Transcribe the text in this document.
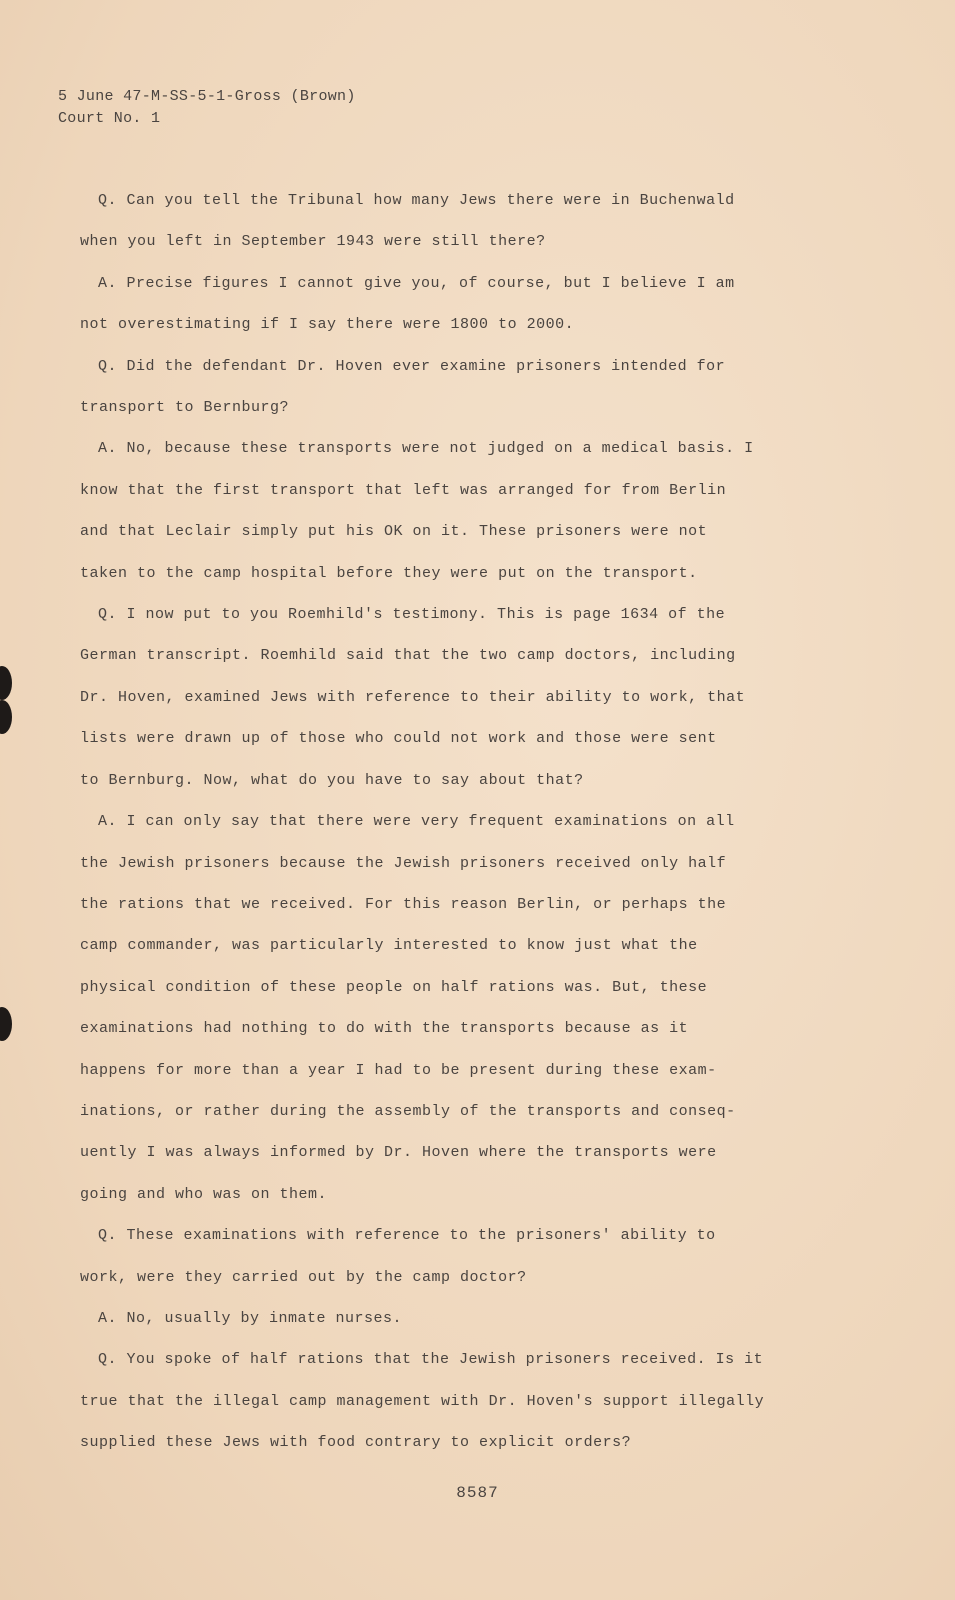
5 June 47-M-SS-5-1-Gross (Brown)
Court No. 1
Q. Can you tell the Tribunal how many Jews there were in Buchenwald
when you left in September 1943 were still there?
A. Precise figures I cannot give you, of course, but I believe I am
not overestimating if I say there were 1800 to 2000.
Q. Did the defendant Dr. Hoven ever examine prisoners intended for
transport to Bernburg?
A. No, because these transports were not judged on a medical basis. I
know that the first transport that left was arranged for from Berlin
and that Leclair simply put his OK on it. These prisoners were not
taken to the camp hospital before they were put on the transport.
Q. I now put to you Roemhild's testimony. This is page 1634 of the
German transcript. Roemhild said that the two camp doctors, including
Dr. Hoven, examined Jews with reference to their ability to work, that
lists were drawn up of those who could not work and those were sent
to Bernburg. Now, what do you have to say about that?
A. I can only say that there were very frequent examinations on all
the Jewish prisoners because the Jewish prisoners received only half
the rations that we received. For this reason Berlin, or perhaps the
camp commander, was particularly interested to know just what the
physical condition of these people on half rations was. But, these
examinations had nothing to do with the transports because as it
happens for more than a year I had to be present during these exam-
inations, or rather during the assembly of the transports and conseq-
uently I was always informed by Dr. Hoven where the transports were
going and who was on them.
Q. These examinations with reference to the prisoners' ability to
work, were they carried out by the camp doctor?
A. No, usually by inmate nurses.
Q. You spoke of half rations that the Jewish prisoners received. Is it
true that the illegal camp management with Dr. Hoven's support illegally
supplied these Jews with food contrary to explicit orders?
8587
